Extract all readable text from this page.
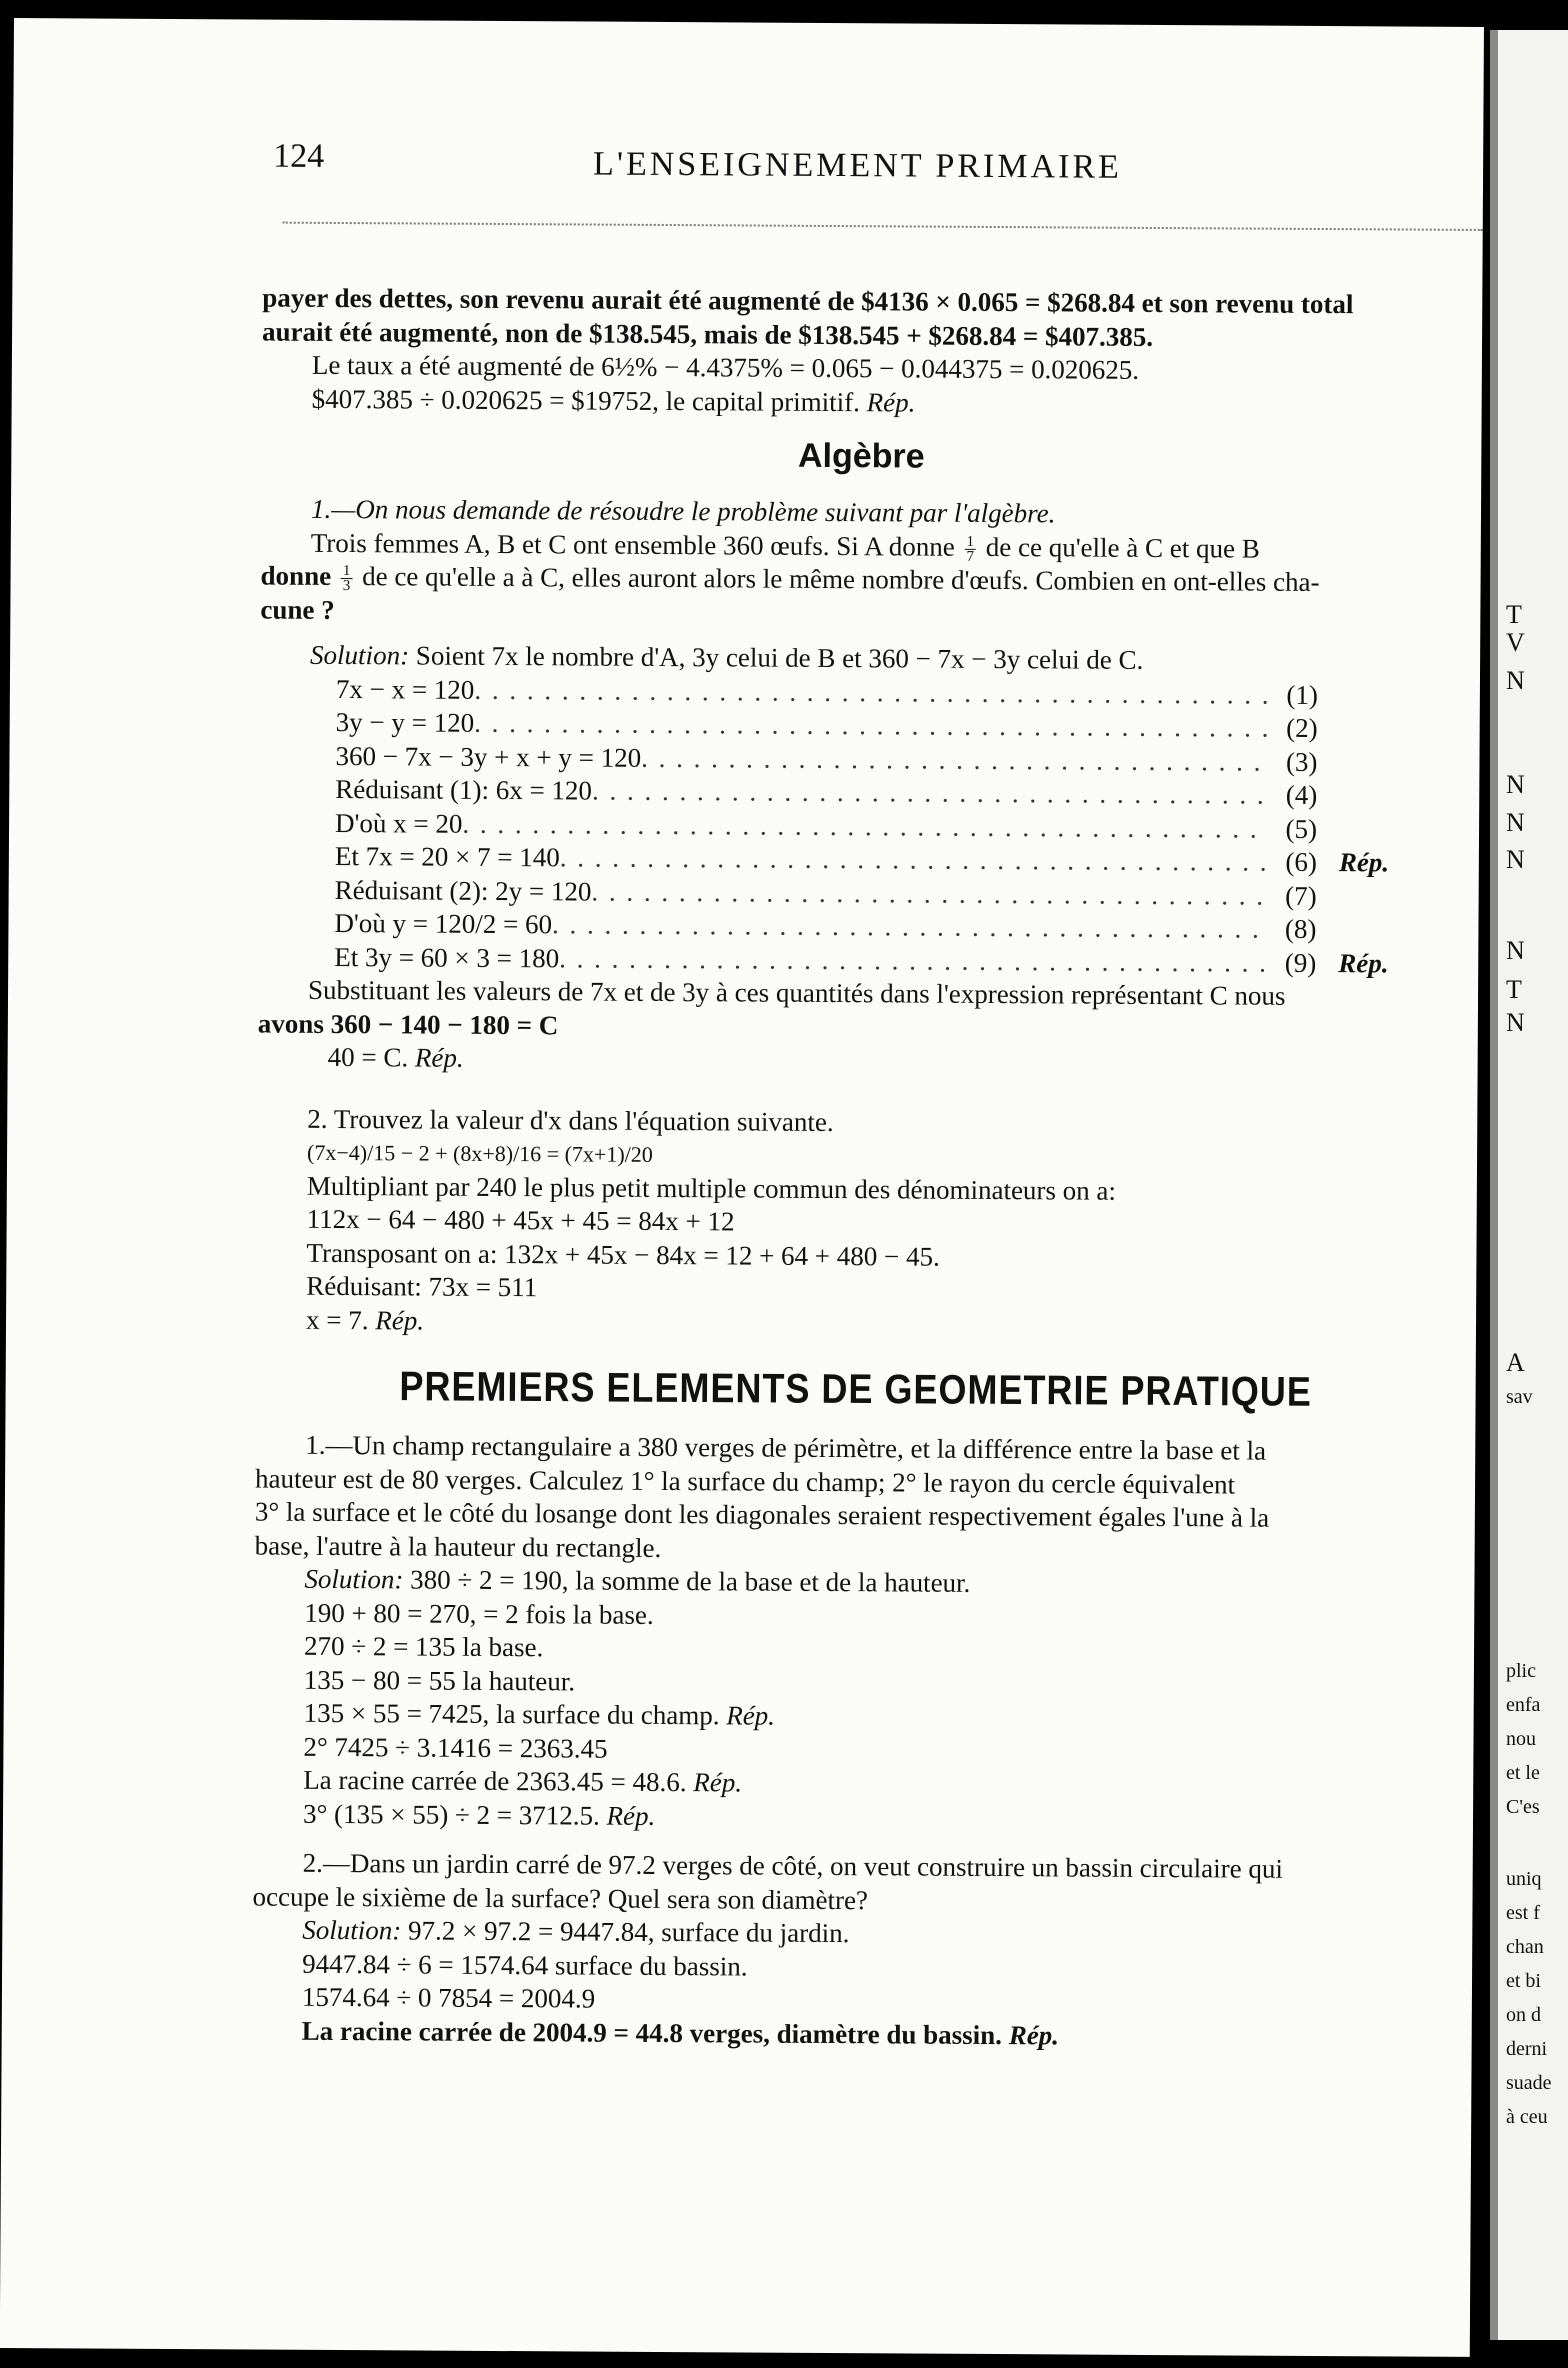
124	L'ENSEIGNEMENT PRIMAIRE
payer des dettes, son revenu aurait été augmenté de $4136 × 0.065 = $268.84 et son revenu total
aurait été augmenté, non de $138.545, mais de $138.545 + $268.84 = $407.385.
Le taux a été augmenté de 6½% − 4.4375% = 0.065 − 0.044375 = 0.020625.
$407.385 ÷ 0.020625 = $19752, le capital primitif. Rép.
Algèbre
1.—On nous demande de résoudre le problème suivant par l'algèbre.
Trois femmes A, B et C ont ensemble 360 œufs. Si A donne $\frac{1}{7}$ de ce qu'elle à C et que B
donne $\frac{1}{3}$ de ce qu'elle a à C, elles auront alors le même nombre d'œufs. Combien en ont-elles cha-
cune ?
Solution: Soient 7x le nombre d'A, 3y celui de B et 360 − 7x − 3y celui de C.
7x − x = 120 . . .	(1)
3y − y = 120 . . .	(2)
360 − 7x − 3y + x + y = 120 . . .	(3)
Réduisant (1): 6x = 120 . . .	(4)
D'où x = 20 . . .	(5)
Et 7x = 20 × 7 = 140 . . .	(6) Rép.
Réduisant (2): 2y = 120 . . .	(7)
D'où y = 120/2 = 60 . . .	(8)
Et 3y = 60 × 3 = 180 . . .	(9) Rép.
Substituant les valeurs de 7x et de 3y à ces quantités dans l'expression représentant C nous
avons 360 − 140 − 180 = C
40 = C. Rép.
2. Trouvez la valeur d'x dans l'équation suivante.
(7x−4)/15 − 2 + (8x+8)/16 = (7x+1)/20
Multipliant par 240 le plus petit multiple commun des dénominateurs on a:
112x − 64 − 480 + 45x + 45 = 84x + 12
Transposant on a: 132x + 45x − 84x = 12 + 64 + 480 − 45.
Réduisant: 73x = 511
x = 7. Rép.
PREMIERS ELEMENTS DE GEOMETRIE PRATIQUE
1.—Un champ rectangulaire a 380 verges de périmètre, et la différence entre la base et la
hauteur est de 80 verges. Calculez 1° la surface du champ; 2° le rayon du cercle équivalent
3° la surface et le côté du losange dont les diagonales seraient respectivement égales l'une à la
base, l'autre à la hauteur du rectangle.
Solution: 380 ÷ 2 = 190, la somme de la base et de la hauteur.
190 + 80 = 270, = 2 fois la base.
270 ÷ 2 = 135 la base.
135 − 80 = 55 la hauteur.
135 × 55 = 7425, la surface du champ. Rép.
2° 7425 ÷ 3.1416 = 2363.45
La racine carrée de 2363.45 = 48.6. Rép.
3° (135 × 55) ÷ 2 = 3712.5. Rép.
2.—Dans un jardin carré de 97.2 verges de côté, on veut construire un bassin circulaire qui
occupe le sixième de la surface? Quel sera son diamètre?
Solution: 97.2 × 97.2 = 9447.84, surface du jardin.
9447.84 ÷ 6 = 1574.64 surface du bassin.
1574.64 ÷ 0 7854 = 2004.9
La racine carrée de 2004.9 = 44.8 verges, diamètre du bassin. Rép.
T
V
N
N
N
N
N
T
N
A
sav
plic
enfa
nou
et le
C'es
uniq
est f
chan
et bi
on d
derni
suade
à ceu
